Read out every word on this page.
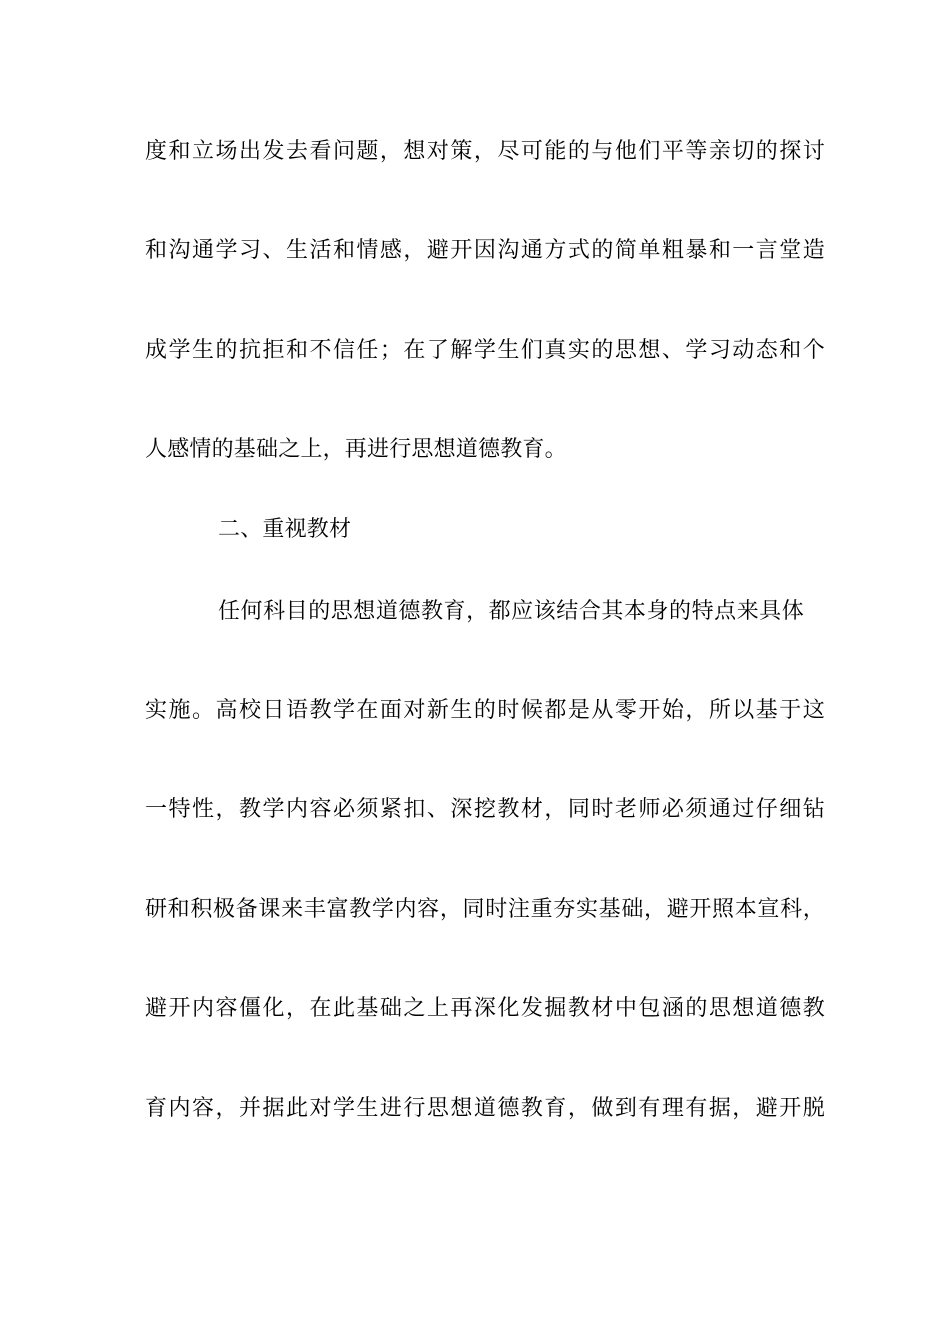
度和立场出发去看问题，想对策，尽可能的与他们平等亲切的探讨
和沟通学习、生活和情感，避开因沟通方式的简单粗暴和一言堂造
成学生的抗拒和不信任；在了解学生们真实的思想、学习动态和个
人感情的基础之上，再进行思想道德教育。
二、重视教材
任何科目的思想道德教育，都应该结合其本身的特点来具体
实施。高校日语教学在面对新生的时候都是从零开始，所以基于这
一特性，教学内容必须紧扣、深挖教材，同时老师必须通过仔细钻
研和积极备课来丰富教学内容，同时注重夯实基础，避开照本宣科，
避开内容僵化，在此基础之上再深化发掘教材中包涵的思想道德教
育内容，并据此对学生进行思想道德教育，做到有理有据，避开脱
